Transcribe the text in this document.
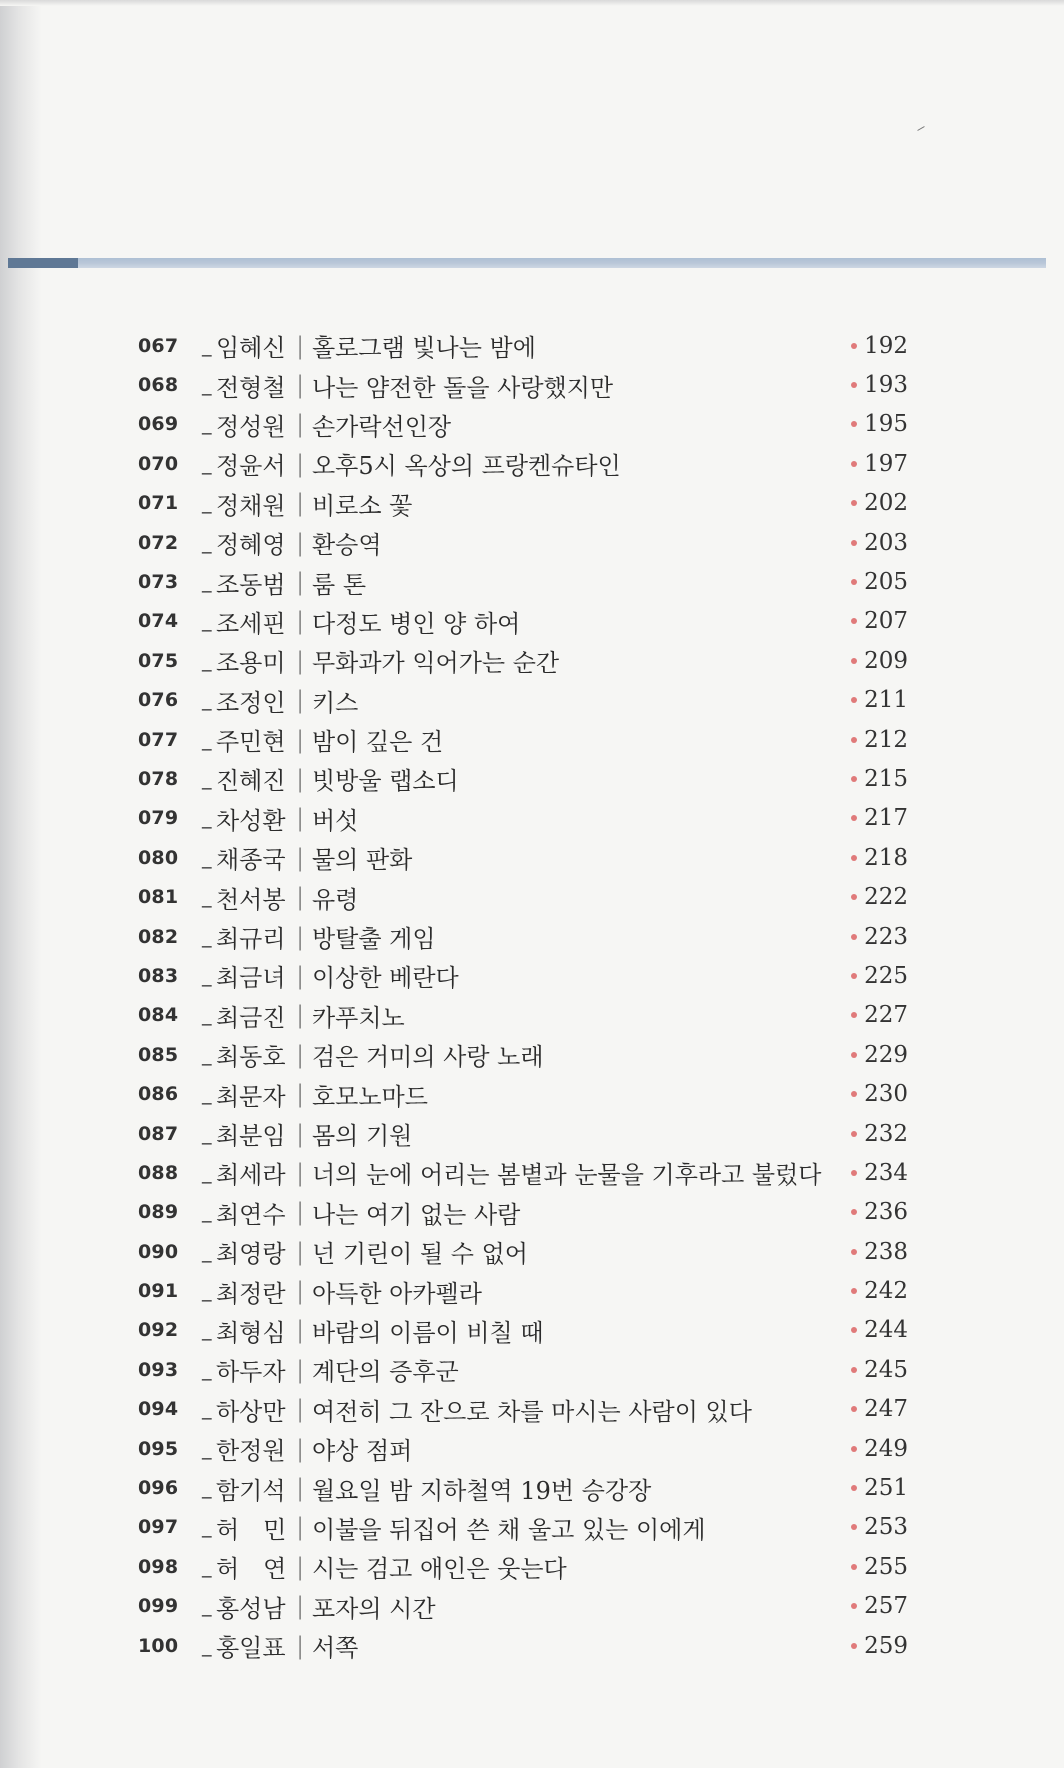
067	_ 임혜신 | 홀로그램 빛나는 밤에	192
068	_ 전형철 | 나는 얌전한 돌을 사랑했지만	193
069	_ 정성원 | 손가락선인장	195
070	_ 정윤서 | 오후5시 옥상의 프랑켄슈타인	197
071	_ 정채원 | 비로소 꽃	202
072	_ 정혜영 | 환승역	203
073	_ 조동범 | 룸 톤	205
074	_ 조세핀 | 다정도 병인 양 하여	207
075	_ 조용미 | 무화과가 익어가는 순간	209
076	_ 조정인 | 키스	211
077	_ 주민현 | 밤이 깊은 건	212
078	_ 진혜진 | 빗방울 랩소디	215
079	_ 차성환 | 버섯	217
080	_ 채종국 | 물의 판화	218
081	_ 천서봉 | 유령	222
082	_ 최규리 | 방탈출 게임	223
083	_ 최금녀 | 이상한 베란다	225
084	_ 최금진 | 카푸치노	227
085	_ 최동호 | 검은 거미의 사랑 노래	229
086	_ 최문자 | 호모노마드	230
087	_ 최분임 | 몸의 기원	232
088	_ 최세라 | 너의 눈에 어리는 봄볕과 눈물을 기후라고 불렀다 234
089	_ 최연수 | 나는 여기 없는 사람	236
090	_ 최영랑 | 넌 기린이 될 수 없어	238
091	_ 최정란 | 아득한 아카펠라	242
092	_ 최형심 | 바람의 이름이 비칠 때	244
093	_ 하두자 | 계단의 증후군	245
094	_ 하상만 | 여전히 그 잔으로 차를 마시는 사람이 있다	247
095	_ 한정원 | 야상 점퍼	249
096	_ 함기석 | 월요일 밤 지하철역 19번 승강장	251
097	_ 허　민 | 이불을 뒤집어 쓴 채 울고 있는 이에게	253
098	_ 허　연 | 시는 검고 애인은 웃는다	255
099	_ 홍성남 | 포자의 시간	257
100	_ 홍일표 | 서쪽	259
